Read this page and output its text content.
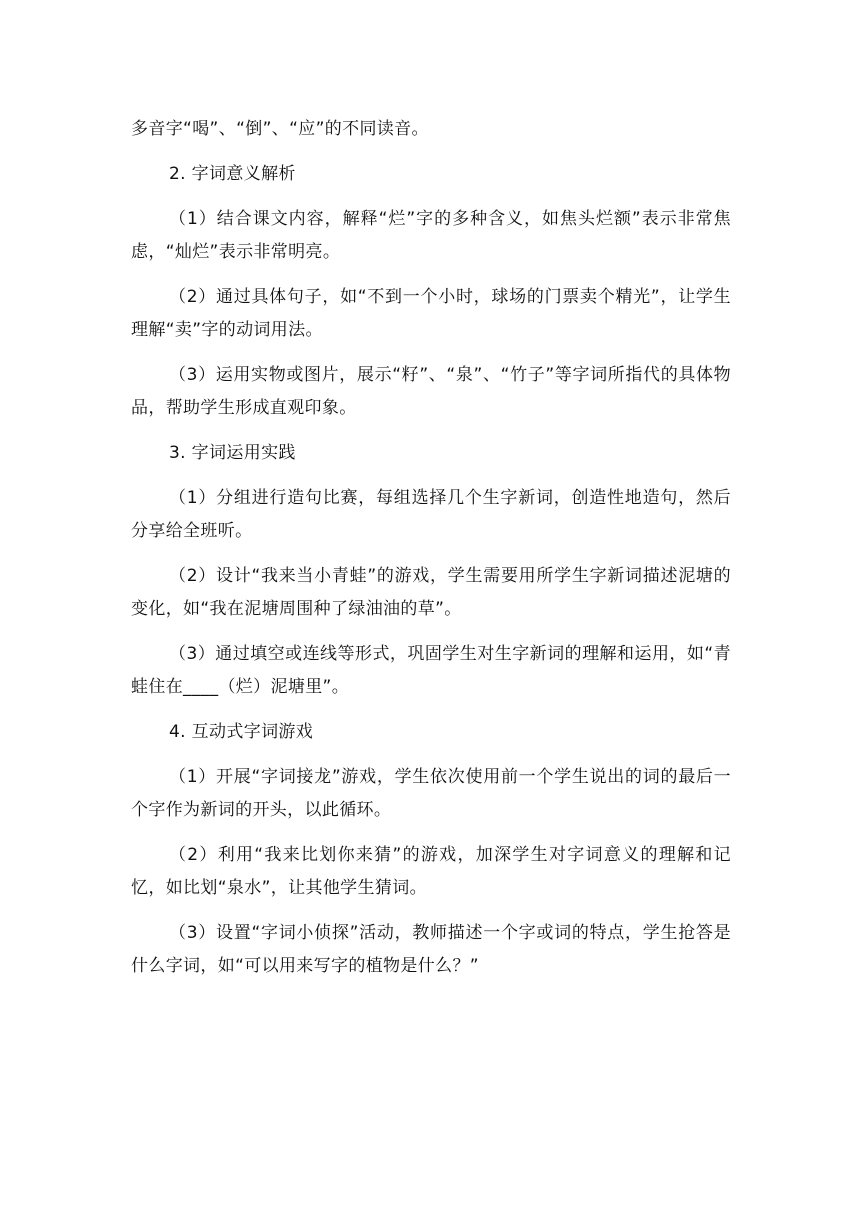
多音字“喝”、“倒”、“应”的不同读音。

2. 字词意义解析

（1）结合课文内容，解释“烂”字的多种含义，如焦头烂额”表示非常焦虑，“灿烂”表示非常明亮。

（2）通过具体句子，如“不到一个小时，球场的门票卖个精光”，让学生理解“卖”字的动词用法。

（3）运用实物或图片，展示“籽”、“泉”、“竹子”等字词所指代的具体物品，帮助学生形成直观印象。

3. 字词运用实践

（1）分组进行造句比赛，每组选择几个生字新词，创造性地造句，然后分享给全班听。

（2）设计“我来当小青蛙”的游戏，学生需要用所学生字新词描述泥塘的变化，如“我在泥塘周围种了绿油油的草”。

（3）通过填空或连线等形式，巩固学生对生字新词的理解和运用，如“青蛙住在____（烂）泥塘里”。

4. 互动式字词游戏

（1）开展“字词接龙”游戏，学生依次使用前一个学生说出的词的最后一个字作为新词的开头，以此循环。

（2）利用“我来比划你来猜”的游戏，加深学生对字词意义的理解和记忆，如比划“泉水”，让其他学生猜词。

（3）设置“字词小侦探”活动，教师描述一个字或词的特点，学生抢答是什么字词，如“可以用来写字的植物是什么？”
